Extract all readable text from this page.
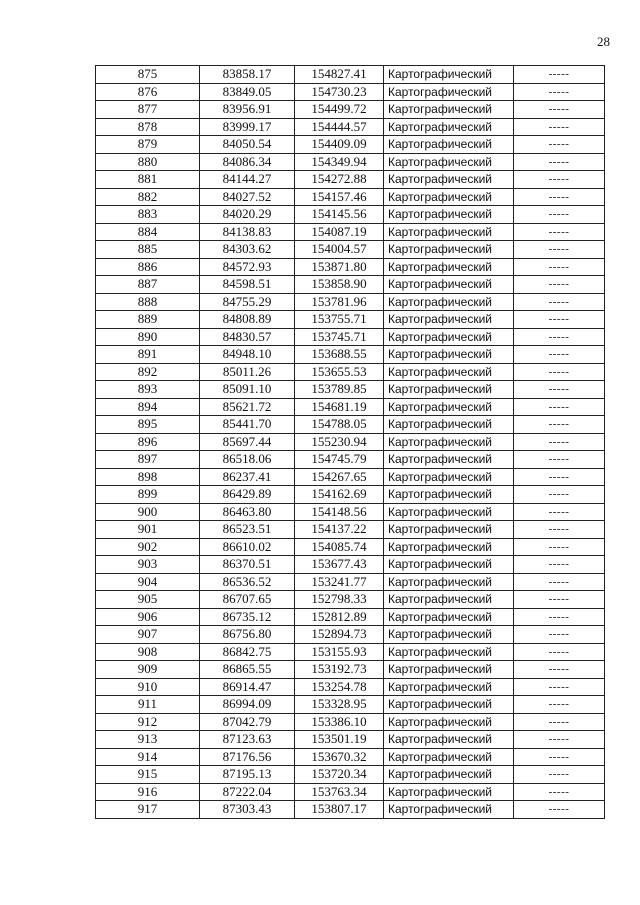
28
875	83858.17	154827.41	Картографический	-----
876	83849.05	154730.23	Картографический	-----
877	83956.91	154499.72	Картографический	-----
878	83999.17	154444.57	Картографический	-----
879	84050.54	154409.09	Картографический	-----
880	84086.34	154349.94	Картографический	-----
881	84144.27	154272.88	Картографический	-----
882	84027.52	154157.46	Картографический	-----
883	84020.29	154145.56	Картографический	-----
884	84138.83	154087.19	Картографический	-----
885	84303.62	154004.57	Картографический	-----
886	84572.93	153871.80	Картографический	-----
887	84598.51	153858.90	Картографический	-----
888	84755.29	153781.96	Картографический	-----
889	84808.89	153755.71	Картографический	-----
890	84830.57	153745.71	Картографический	-----
891	84948.10	153688.55	Картографический	-----
892	85011.26	153655.53	Картографический	-----
893	85091.10	153789.85	Картографический	-----
894	85621.72	154681.19	Картографический	-----
895	85441.70	154788.05	Картографический	-----
896	85697.44	155230.94	Картографический	-----
897	86518.06	154745.79	Картографический	-----
898	86237.41	154267.65	Картографический	-----
899	86429.89	154162.69	Картографический	-----
900	86463.80	154148.56	Картографический	-----
901	86523.51	154137.22	Картографический	-----
902	86610.02	154085.74	Картографический	-----
903	86370.51	153677.43	Картографический	-----
904	86536.52	153241.77	Картографический	-----
905	86707.65	152798.33	Картографический	-----
906	86735.12	152812.89	Картографический	-----
907	86756.80	152894.73	Картографический	-----
908	86842.75	153155.93	Картографический	-----
909	86865.55	153192.73	Картографический	-----
910	86914.47	153254.78	Картографический	-----
911	86994.09	153328.95	Картографический	-----
912	87042.79	153386.10	Картографический	-----
913	87123.63	153501.19	Картографический	-----
914	87176.56	153670.32	Картографический	-----
915	87195.13	153720.34	Картографический	-----
916	87222.04	153763.34	Картографический	-----
917	87303.43	153807.17	Картографический	-----
